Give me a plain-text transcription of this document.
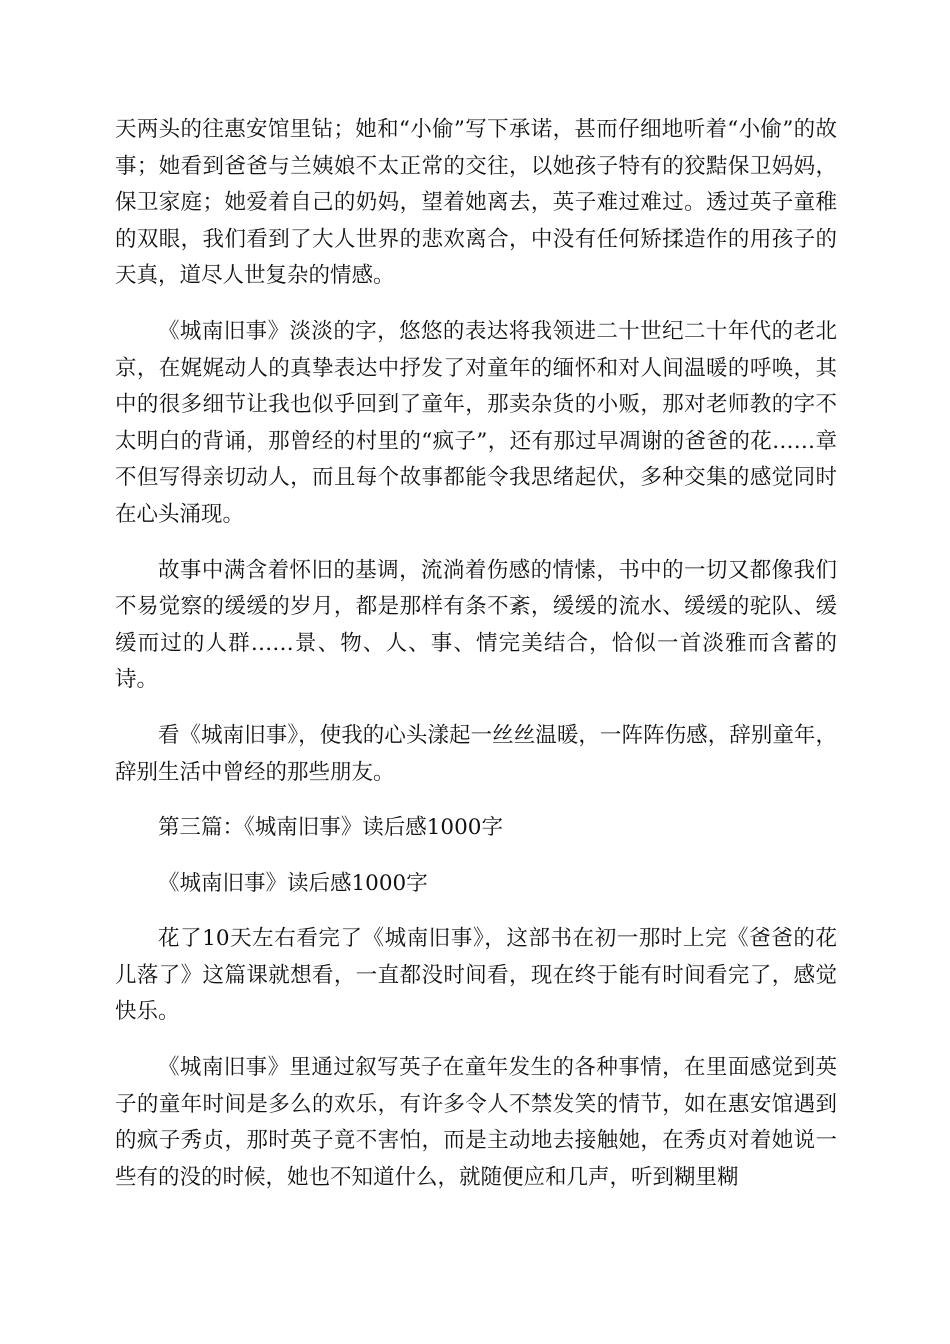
天两头的往惠安馆里钻；她和“小偷”写下承诺，甚而仔细地听着“小偷”的故事；她看到爸爸与兰姨娘不太正常的交往，以她孩子特有的狡黠保卫妈妈，保卫家庭；她爱着自己的奶妈，望着她离去，英子难过难过。透过英子童稚的双眼，我们看到了大人世界的悲欢离合，中没有任何矫揉造作的用孩子的天真，道尽人世复杂的情感。

《城南旧事》淡淡的字，悠悠的表达将我领进二十世纪二十年代的老北京，在娓娓动人的真挚表达中抒发了对童年的缅怀和对人间温暖的呼唤，其中的很多细节让我也似乎回到了童年，那卖杂货的小贩，那对老师教的字不太明白的背诵，那曾经的村里的“疯子”，还有那过早凋谢的爸爸的花……章不但写得亲切动人，而且每个故事都能令我思绪起伏，多种交集的感觉同时在心头涌现。

故事中满含着怀旧的基调，流淌着伤感的情愫，书中的一切又都像我们不易觉察的缓缓的岁月，都是那样有条不紊，缓缓的流水、缓缓的驼队、缓缓而过的人群……景、物、人、事、情完美结合，恰似一首淡雅而含蓄的诗。

看《城南旧事》，使我的心头漾起一丝丝温暖，一阵阵伤感，辞别童年，辞别生活中曾经的那些朋友。

第三篇：《城南旧事》读后感1000字

《城南旧事》读后感1000字

花了10天左右看完了《城南旧事》，这部书在初一那时上完《爸爸的花儿落了》这篇课就想看，一直都没时间看，现在终于能有时间看完了，感觉快乐。

《城南旧事》里通过叙写英子在童年发生的各种事情，在里面感觉到英子的童年时间是多么的欢乐，有许多令人不禁发笑的情节，如在惠安馆遇到的疯子秀贞，那时英子竟不害怕，而是主动地去接触她，在秀贞对着她说一些有的没的时候，她也不知道什么，就随便应和几声，听到糊里糊
